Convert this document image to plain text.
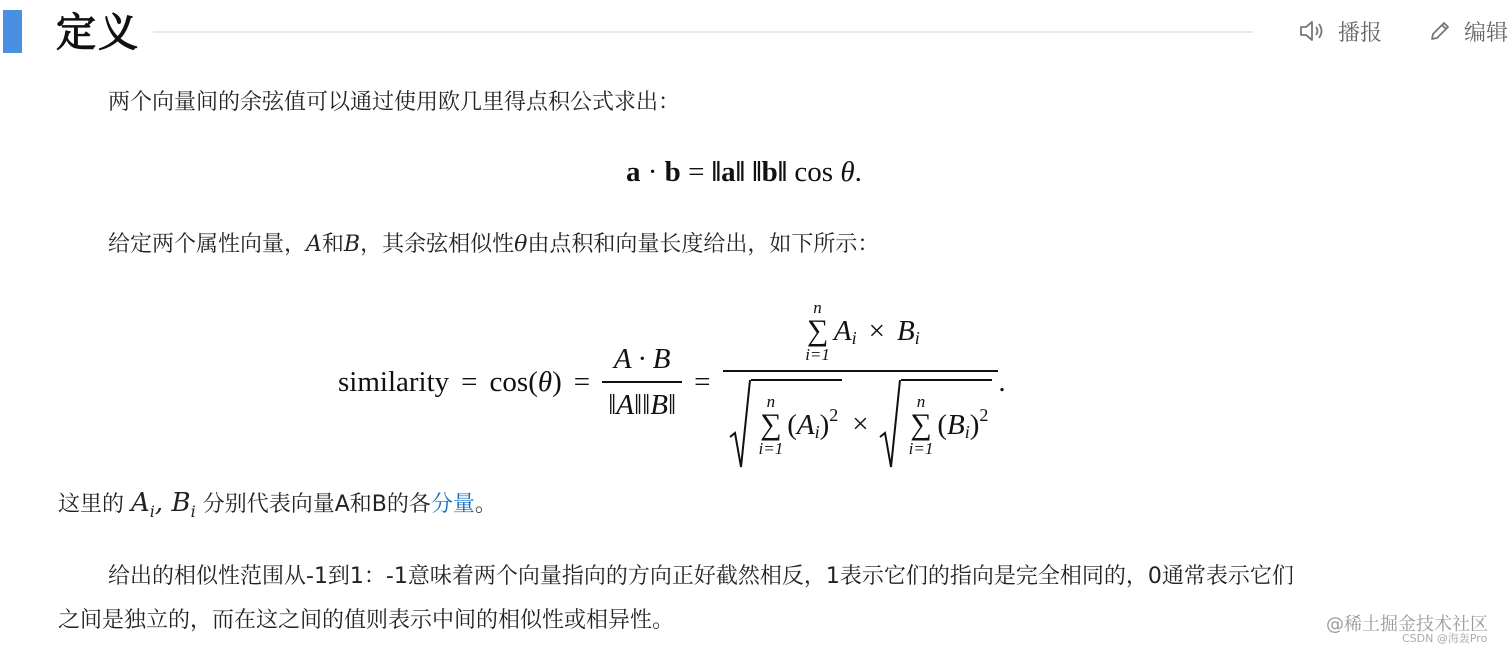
定义	播报	编辑
两个向量间的余弦值可以通过使用欧几里得点积公式求出：
a · b = ‖a‖ ‖b‖ cos θ.
给定两个属性向量，A和B，其余弦相似性θ由点积和向量长度给出，如下所示：
similarity = cos( θ ) = $\frac{A \cdot B}{‖A‖‖B‖}$ =
n
∑
i=1
A i × B i
n
∑
i=1
( A i ) 2 ×
n
∑
i=1
( B i ) 2
.
这里的 $A_i$, $B_i$ 分别代表向量A和B的各分量。
给出的相似性范围从-1到1：-1意味着两个向量指向的方向正好截然相反，1表示它们的指向是完全相同的，0通常表示它们
之间是独立的，而在这之间的值则表示中间的相似性或相异性。	@稀土掘金技术社区
CSDN @海轰Pro
